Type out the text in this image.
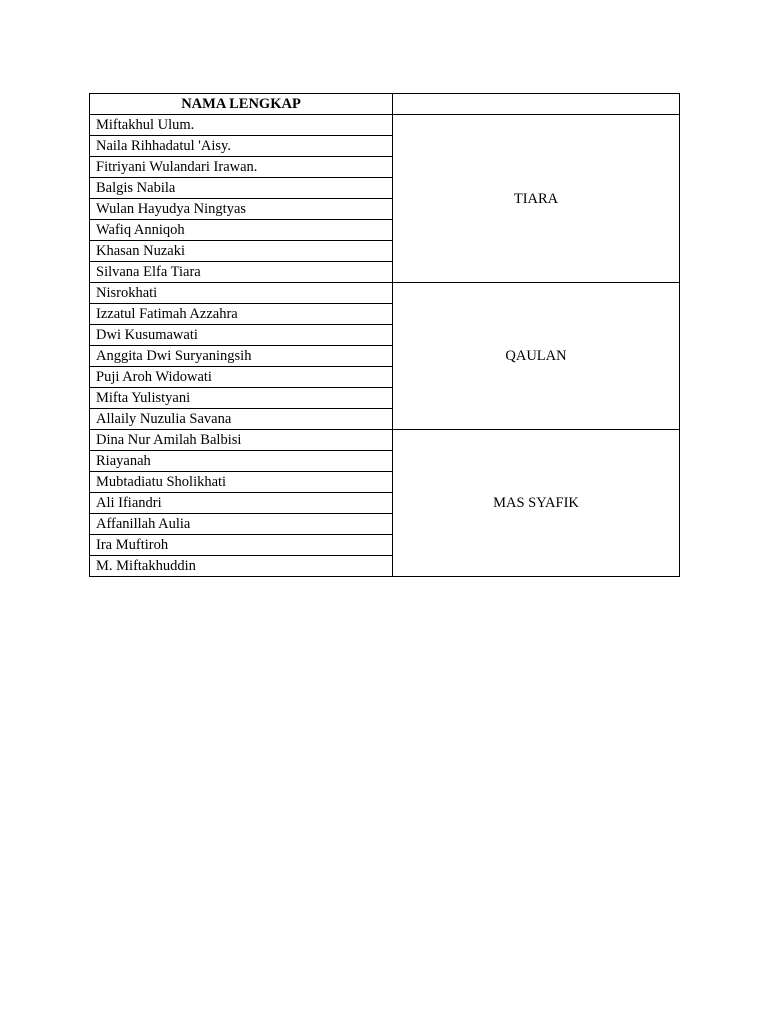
NAMA LENGKAP	
Miftakhul Ulum.	TIARA
Naila Rihhadatul 'Aisy.	
Fitriyani Wulandari Irawan.	
Balgis Nabila	
Wulan Hayudya Ningtyas	
Wafiq Anniqoh	
Khasan Nuzaki	
Silvana Elfa Tiara	
Nisrokhati	QAULAN
Izzatul Fatimah Azzahra	
Dwi Kusumawati	
Anggita Dwi Suryaningsih	
Puji Aroh Widowati	
Mifta Yulistyani	
Allaily Nuzulia Savana	
Dina Nur Amilah Balbisi	MAS SYAFIK
Riayanah	
Mubtadiatu Sholikhati	
Ali Ifiandri	
Affanillah Aulia	
Ira Muftiroh	
M. Miftakhuddin	
